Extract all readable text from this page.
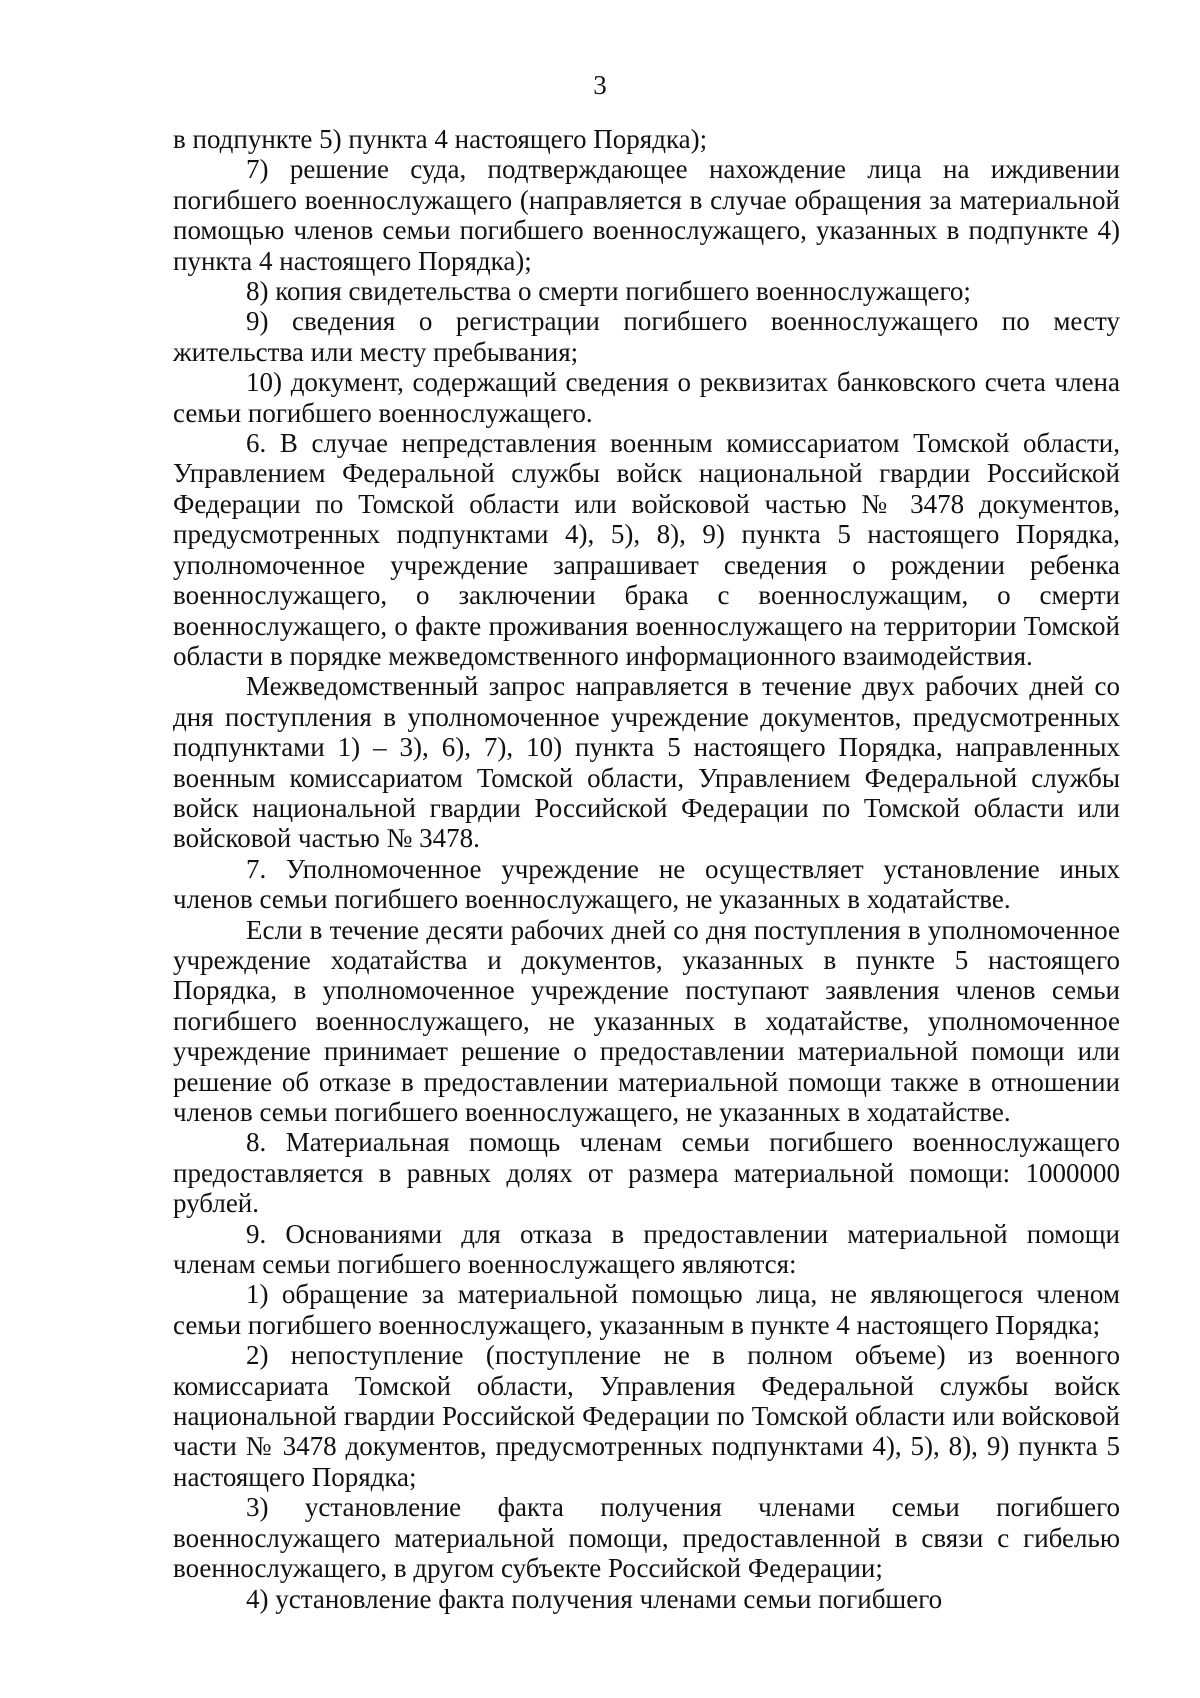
3

в подпункте 5) пункта 4 настоящего Порядка);

7) решение суда, подтверждающее нахождение лица на иждивении погибшего военнослужащего (направляется в случае обращения за материальной помощью членов семьи погибшего военнослужащего, указанных в подпункте 4) пункта 4 настоящего Порядка);

8) копия свидетельства о смерти погибшего военнослужащего;

9) сведения о регистрации погибшего военнослужащего по месту жительства или месту пребывания;

10) документ, содержащий сведения о реквизитах банковского счета члена семьи погибшего военнослужащего.

6. В случае непредставления военным комиссариатом Томской области, Управлением Федеральной службы войск национальной гвардии Российской Федерации по Томской области или войсковой частью № 3478 документов, предусмотренных подпунктами 4), 5), 8), 9) пункта 5 настоящего Порядка, уполномоченное учреждение запрашивает сведения о рождении ребенка военнослужащего, о заключении брака с военнослужащим, о смерти военнослужащего, о факте проживания военнослужащего на территории Томской области в порядке межведомственного информационного взаимодействия.

Межведомственный запрос направляется в течение двух рабочих дней со дня поступления в уполномоченное учреждение документов, предусмотренных подпунктами 1) – 3), 6), 7), 10) пункта 5 настоящего Порядка, направленных военным комиссариатом Томской области, Управлением Федеральной службы войск национальной гвардии Российской Федерации по Томской области или войсковой частью № 3478.

7. Уполномоченное учреждение не осуществляет установление иных членов семьи погибшего военнослужащего, не указанных в ходатайстве.

Если в течение десяти рабочих дней со дня поступления в уполномоченное учреждение ходатайства и документов, указанных в пункте 5 настоящего Порядка, в уполномоченное учреждение поступают заявления членов семьи погибшего военнослужащего, не указанных в ходатайстве, уполномоченное учреждение принимает решение о предоставлении материальной помощи или решение об отказе в предоставлении материальной помощи также в отношении членов семьи погибшего военнослужащего, не указанных в ходатайстве.

8. Материальная помощь членам семьи погибшего военнослужащего предоставляется в равных долях от размера материальной помощи: 1000000 рублей.

9. Основаниями для отказа в предоставлении материальной помощи членам семьи погибшего военнослужащего являются:

1) обращение за материальной помощью лица, не являющегося членом семьи погибшего военнослужащего, указанным в пункте 4 настоящего Порядка;

2) непоступление (поступление не в полном объеме) из военного комиссариата Томской области, Управления Федеральной службы войск национальной гвардии Российской Федерации по Томской области или войсковой части № 3478 документов, предусмотренных подпунктами 4), 5), 8), 9) пункта 5 настоящего Порядка;

3) установление факта получения членами семьи погибшего военнослужащего материальной помощи, предоставленной в связи с гибелью военнослужащего, в другом субъекте Российской Федерации;

4) установление факта получения членами семьи погибшего
